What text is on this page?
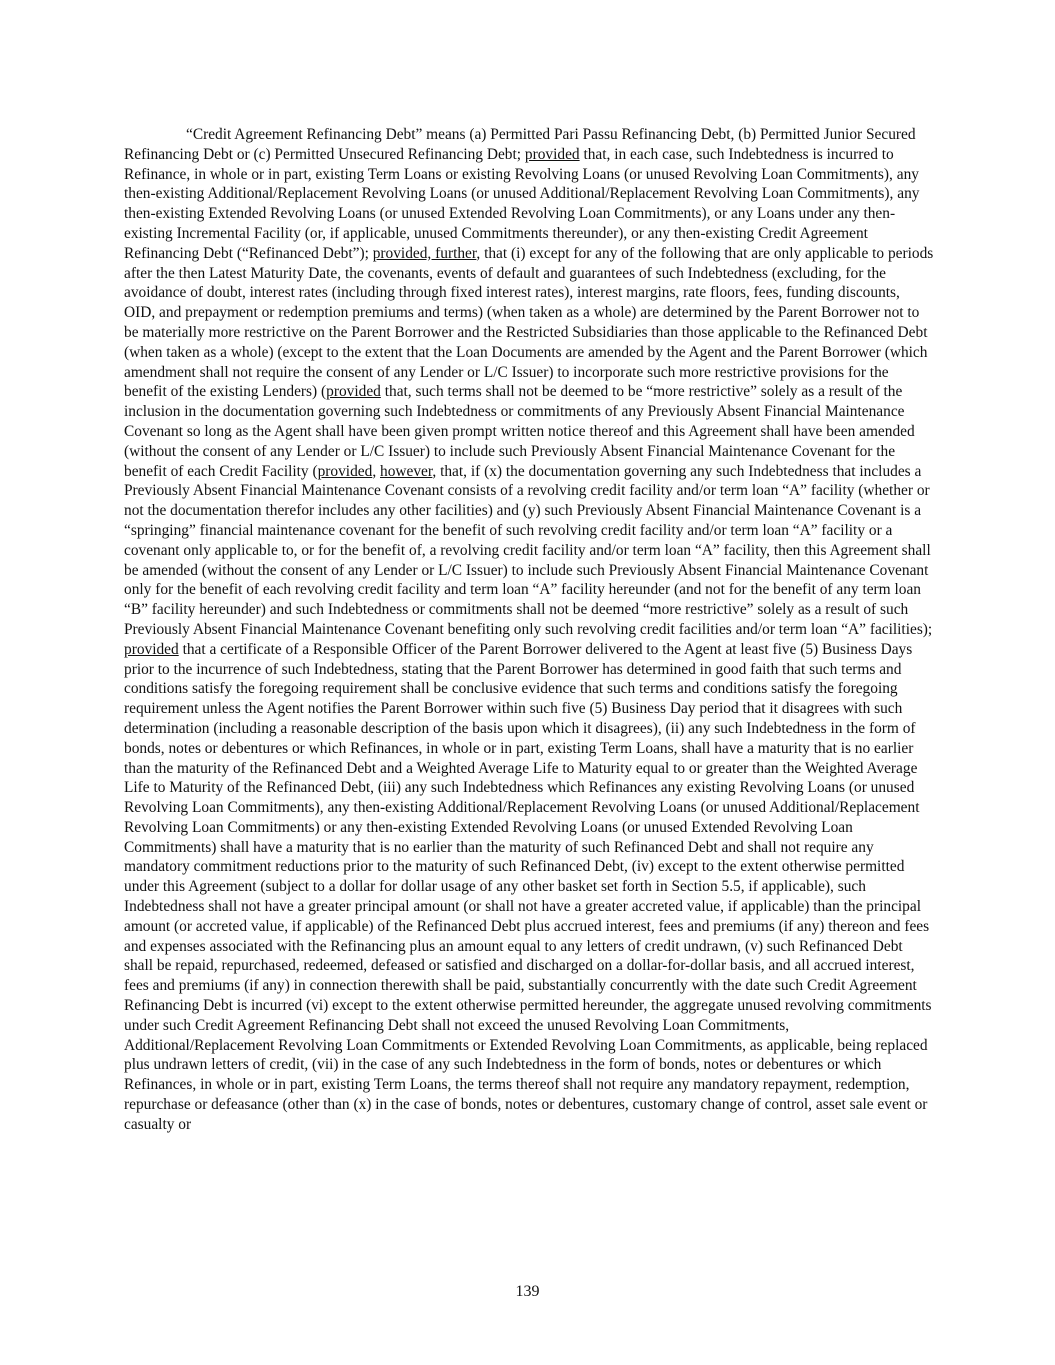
“Credit Agreement Refinancing Debt” means (a) Permitted Pari Passu Refinancing Debt, (b) Permitted Junior Secured Refinancing Debt or (c) Permitted Unsecured Refinancing Debt; provided that, in each case, such Indebtedness is incurred to Refinance, in whole or in part, existing Term Loans or existing Revolving Loans (or unused Revolving Loan Commitments), any then-existing Additional/Replacement Revolving Loans (or unused Additional/Replacement Revolving Loan Commitments), any then-existing Extended Revolving Loans (or unused Extended Revolving Loan Commitments), or any Loans under any then-existing Incremental Facility (or, if applicable, unused Commitments thereunder), or any then-existing Credit Agreement Refinancing Debt (“Refinanced Debt”); provided, further, that (i) except for any of the following that are only applicable to periods after the then Latest Maturity Date, the covenants, events of default and guarantees of such Indebtedness (excluding, for the avoidance of doubt, interest rates (including through fixed interest rates), interest margins, rate floors, fees, funding discounts, OID, and prepayment or redemption premiums and terms) (when taken as a whole) are determined by the Parent Borrower not to be materially more restrictive on the Parent Borrower and the Restricted Subsidiaries than those applicable to the Refinanced Debt (when taken as a whole) (except to the extent that the Loan Documents are amended by the Agent and the Parent Borrower (which amendment shall not require the consent of any Lender or L/C Issuer) to incorporate such more restrictive provisions for the benefit of the existing Lenders) (provided that, such terms shall not be deemed to be “more restrictive” solely as a result of the inclusion in the documentation governing such Indebtedness or commitments of any Previously Absent Financial Maintenance Covenant so long as the Agent shall have been given prompt written notice thereof and this Agreement shall have been amended (without the consent of any Lender or L/C Issuer) to include such Previously Absent Financial Maintenance Covenant for the benefit of each Credit Facility (provided, however, that, if (x) the documentation governing any such Indebtedness that includes a Previously Absent Financial Maintenance Covenant consists of a revolving credit facility and/or term loan “A” facility (whether or not the documentation therefor includes any other facilities) and (y) such Previously Absent Financial Maintenance Covenant is a “springing” financial maintenance covenant for the benefit of such revolving credit facility and/or term loan “A” facility or a covenant only applicable to, or for the benefit of, a revolving credit facility and/or term loan “A” facility, then this Agreement shall be amended (without the consent of any Lender or L/C Issuer) to include such Previously Absent Financial Maintenance Covenant only for the benefit of each revolving credit facility and term loan “A” facility hereunder (and not for the benefit of any term loan “B” facility hereunder) and such Indebtedness or commitments shall not be deemed “more restrictive” solely as a result of such Previously Absent Financial Maintenance Covenant benefiting only such revolving credit facilities and/or term loan “A” facilities); provided that a certificate of a Responsible Officer of the Parent Borrower delivered to the Agent at least five (5) Business Days prior to the incurrence of such Indebtedness, stating that the Parent Borrower has determined in good faith that such terms and conditions satisfy the foregoing requirement shall be conclusive evidence that such terms and conditions satisfy the foregoing requirement unless the Agent notifies the Parent Borrower within such five (5) Business Day period that it disagrees with such determination (including a reasonable description of the basis upon which it disagrees), (ii) any such Indebtedness in the form of bonds, notes or debentures or which Refinances, in whole or in part, existing Term Loans, shall have a maturity that is no earlier than the maturity of the Refinanced Debt and a Weighted Average Life to Maturity equal to or greater than the Weighted Average Life to Maturity of the Refinanced Debt, (iii) any such Indebtedness which Refinances any existing Revolving Loans (or unused Revolving Loan Commitments), any then-existing Additional/Replacement Revolving Loans (or unused Additional/Replacement Revolving Loan Commitments) or any then-existing Extended Revolving Loans (or unused Extended Revolving Loan Commitments) shall have a maturity that is no earlier than the maturity of such Refinanced Debt and shall not require any mandatory commitment reductions prior to the maturity of such Refinanced Debt, (iv) except to the extent otherwise permitted under this Agreement (subject to a dollar for dollar usage of any other basket set forth in Section 5.5, if applicable), such Indebtedness shall not have a greater principal amount (or shall not have a greater accreted value, if applicable) than the principal amount (or accreted value, if applicable) of the Refinanced Debt plus accrued interest, fees and premiums (if any) thereon and fees and expenses associated with the Refinancing plus an amount equal to any letters of credit undrawn, (v) such Refinanced Debt shall be repaid, repurchased, redeemed, defeased or satisfied and discharged on a dollar-for-dollar basis, and all accrued interest, fees and premiums (if any) in connection therewith shall be paid, substantially concurrently with the date such Credit Agreement Refinancing Debt is incurred (vi) except to the extent otherwise permitted hereunder, the aggregate unused revolving commitments under such Credit Agreement Refinancing Debt shall not exceed the unused Revolving Loan Commitments, Additional/Replacement Revolving Loan Commitments or Extended Revolving Loan Commitments, as applicable, being replaced plus undrawn letters of credit, (vii) in the case of any such Indebtedness in the form of bonds, notes or debentures or which Refinances, in whole or in part, existing Term Loans, the terms thereof shall not require any mandatory repayment, redemption, repurchase or defeasance (other than (x) in the case of bonds, notes or debentures, customary change of control, asset sale event or casualty or

139
